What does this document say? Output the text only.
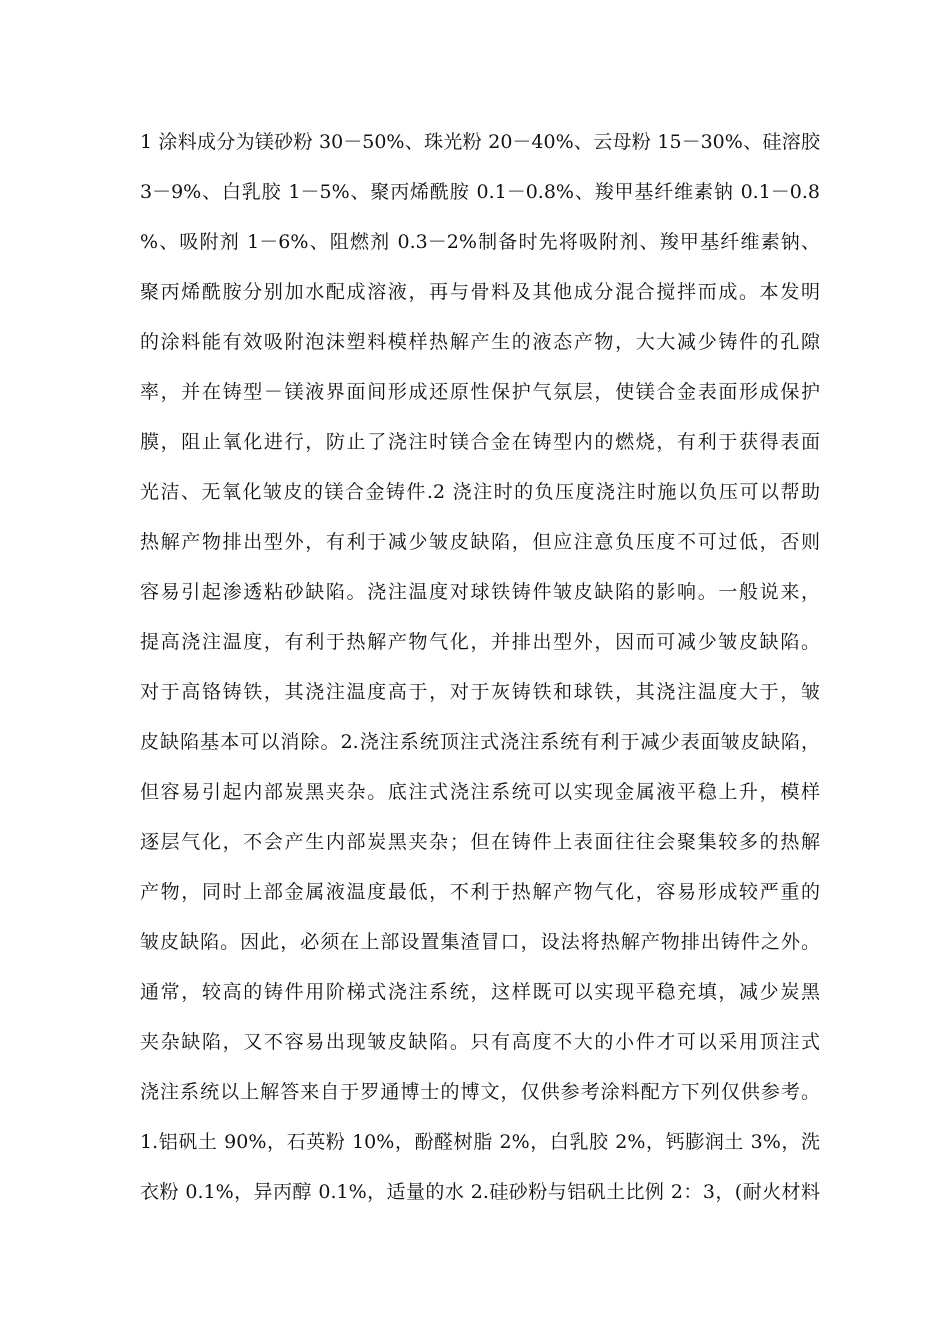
1 涂料成分为镁砂粉 30－50%、珠光粉 20－40%、云母粉 15－30%、硅溶胶
3－9%、白乳胶 1－5%、聚丙烯酰胺 0.1－0.8%、羧甲基纤维素钠 0.1－0.8
%、吸附剂 1－6%、阻燃剂 0.3－2%制备时先将吸附剂、羧甲基纤维素钠、
聚丙烯酰胺分别加水配成溶液，再与骨料及其他成分混合搅拌而成。本发明
的涂料能有效吸附泡沫塑料模样热解产生的液态产物，大大减少铸件的孔隙
率，并在铸型－镁液界面间形成还原性保护气氛层，使镁合金表面形成保护
膜，阻止氧化进行，防止了浇注时镁合金在铸型内的燃烧，有利于获得表面
光洁、无氧化皱皮的镁合金铸件.2 浇注时的负压度浇注时施以负压可以帮助
热解产物排出型外，有利于减少皱皮缺陷，但应注意负压度不可过低，否则
容易引起渗透粘砂缺陷。浇注温度对球铁铸件皱皮缺陷的影响。一般说来，
提高浇注温度，有利于热解产物气化，并排出型外，因而可减少皱皮缺陷。
对于高铬铸铁，其浇注温度高于，对于灰铸铁和球铁，其浇注温度大于，皱
皮缺陷基本可以消除。2.浇注系统顶注式浇注系统有利于减少表面皱皮缺陷，
但容易引起内部炭黑夹杂。底注式浇注系统可以实现金属液平稳上升，模样
逐层气化，不会产生内部炭黑夹杂；但在铸件上表面往往会聚集较多的热解
产物，同时上部金属液温度最低，不利于热解产物气化，容易形成较严重的
皱皮缺陷。因此，必须在上部设置集渣冒口，设法将热解产物排出铸件之外。
通常，较高的铸件用阶梯式浇注系统，这样既可以实现平稳充填，减少炭黑
夹杂缺陷，又不容易出现皱皮缺陷。只有高度不大的小件才可以采用顶注式
浇注系统以上解答来自于罗通博士的博文，仅供参考涂料配方下列仅供参考。
1.铝矾土 90%，石英粉 10%，酚醛树脂 2%，白乳胶 2%，钙膨润土 3%，洗
衣粉 0.1%，异丙醇 0.1%，适量的水 2.硅砂粉与铝矾土比例 2：3，(耐火材料
